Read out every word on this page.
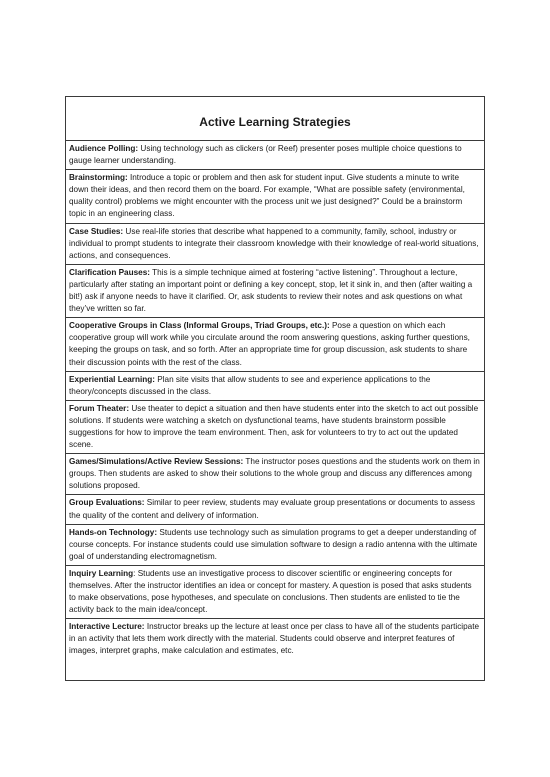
Active Learning Strategies
Audience Polling: Using technology such as clickers (or Reef) presenter poses multiple choice questions to gauge learner understanding.
Brainstorming: Introduce a topic or problem and then ask for student input. Give students a minute to write down their ideas, and then record them on the board. For example, “What are possible safety (environmental, quality control) problems we might encounter with the process unit we just designed?” Could be a brainstorm topic in an engineering class.
Case Studies: Use real-life stories that describe what happened to a community, family, school, industry or individual to prompt students to integrate their classroom knowledge with their knowledge of real-world situations, actions, and consequences.
Clarification Pauses: This is a simple technique aimed at fostering “active listening”. Throughout a lecture, particularly after stating an important point or defining a key concept, stop, let it sink in, and then (after waiting a bit!) ask if anyone needs to have it clarified. Or, ask students to review their notes and ask questions on what they’ve written so far.
Cooperative Groups in Class (Informal Groups, Triad Groups, etc.): Pose a question on which each cooperative group will work while you circulate around the room answering questions, asking further questions, keeping the groups on task, and so forth. After an appropriate time for group discussion, ask students to share their discussion points with the rest of the class.
Experiential Learning: Plan site visits that allow students to see and experience applications to the theory/concepts discussed in the class.
Forum Theater: Use theater to depict a situation and then have students enter into the sketch to act out possible solutions. If students were watching a sketch on dysfunctional teams, have students brainstorm possible suggestions for how to improve the team environment. Then, ask for volunteers to try to act out the updated scene.
Games/Simulations/Active Review Sessions: The instructor poses questions and the students work on them in groups. Then students are asked to show their solutions to the whole group and discuss any differences among solutions proposed.
Group Evaluations: Similar to peer review, students may evaluate group presentations or documents to assess the quality of the content and delivery of information.
Hands-on Technology: Students use technology such as simulation programs to get a deeper understanding of course concepts. For instance students could use simulation software to design a radio antenna with the ultimate goal of understanding electromagnetism.
Inquiry Learning: Students use an investigative process to discover scientific or engineering concepts for themselves. After the instructor identifies an idea or concept for mastery. A question is posed that asks students to make observations, pose hypotheses, and speculate on conclusions. Then students are enlisted to tie the activity back to the main idea/concept.
Interactive Lecture: Instructor breaks up the lecture at least once per class to have all of the students participate in an activity that lets them work directly with the material. Students could observe and interpret features of images, interpret graphs, make calculation and estimates, etc.
